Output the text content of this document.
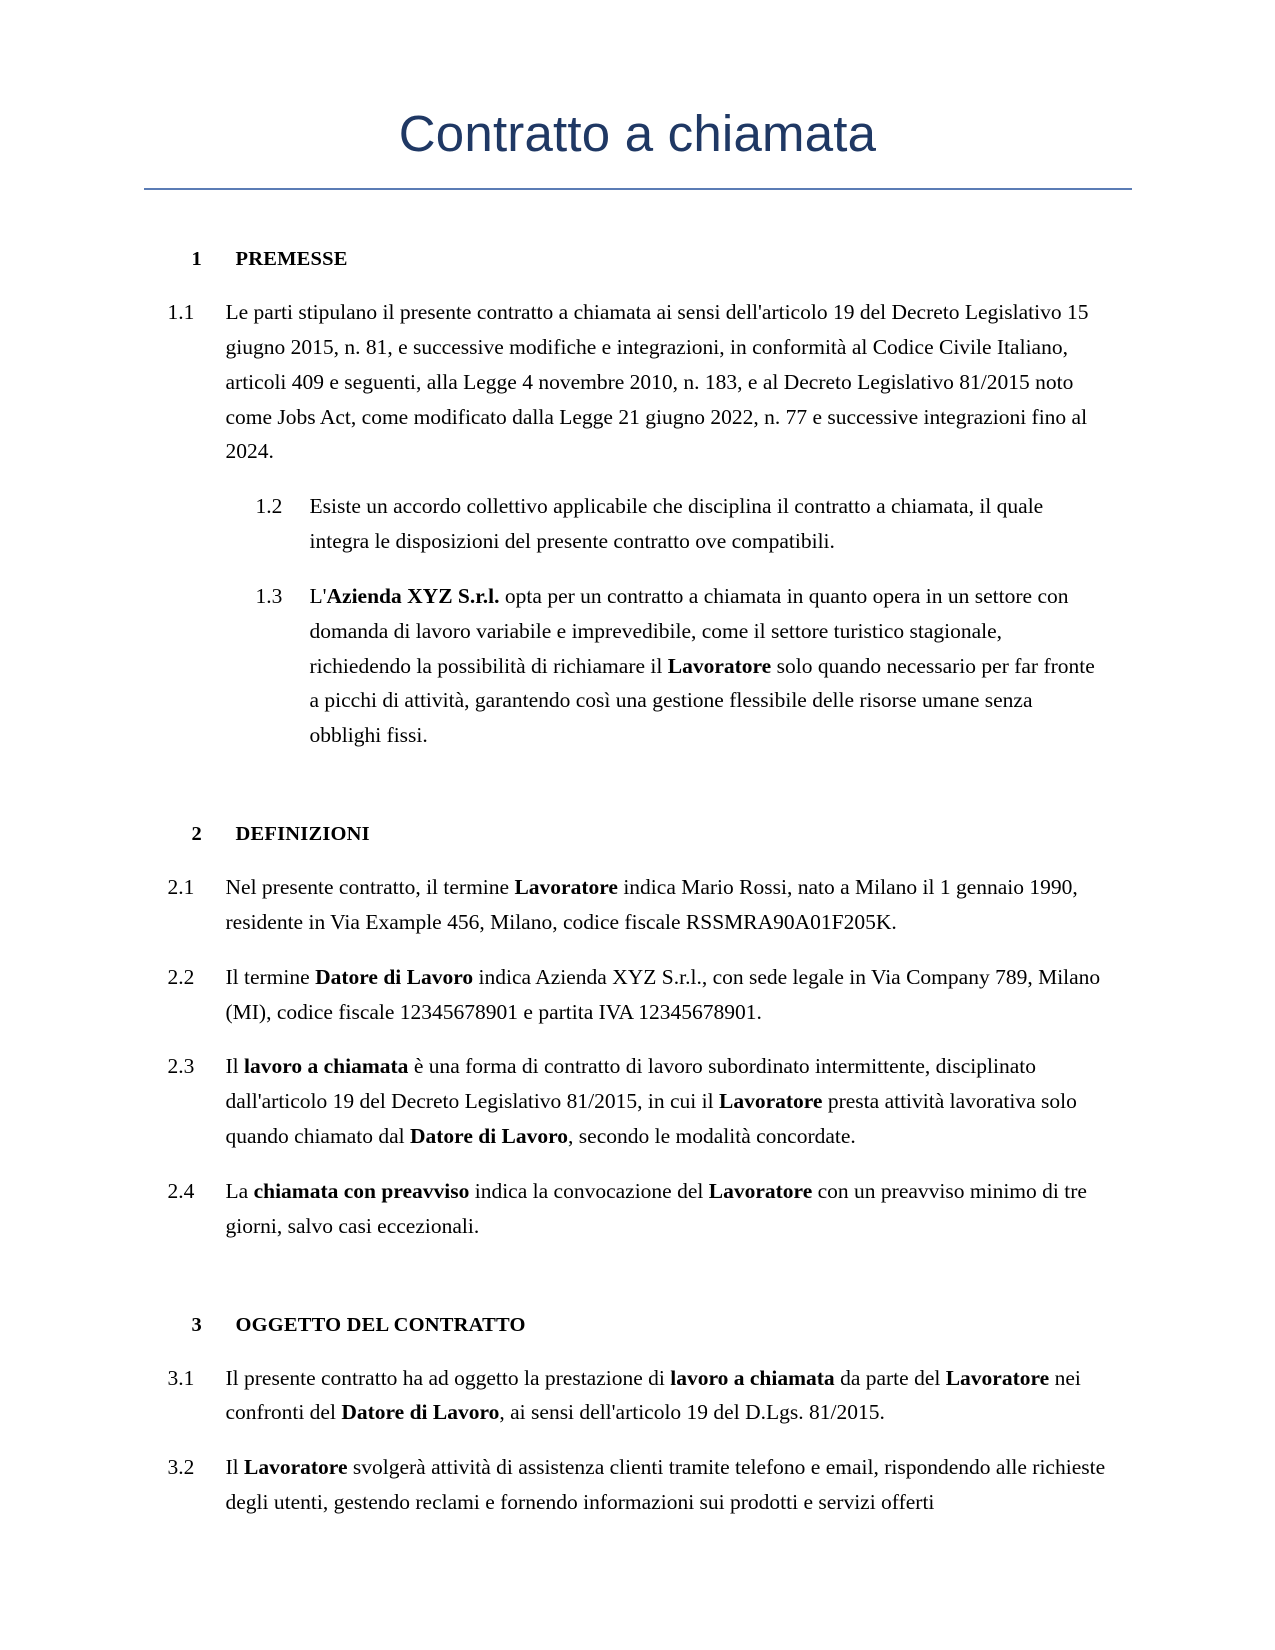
Contratto a chiamata
1	PREMESSE
1.1	Le parti stipulano il presente contratto a chiamata ai sensi dell'articolo 19 del Decreto Legislativo 15 giugno 2015, n. 81, e successive modifiche e integrazioni, in conformità al Codice Civile Italiano, articoli 409 e seguenti, alla Legge 4 novembre 2010, n. 183, e al Decreto Legislativo 81/2015 noto come Jobs Act, come modificato dalla Legge 21 giugno 2022, n. 77 e successive integrazioni fino al 2024.
1.2	Esiste un accordo collettivo applicabile che disciplina il contratto a chiamata, il quale integra le disposizioni del presente contratto ove compatibili.
1.3	L'Azienda XYZ S.r.l. opta per un contratto a chiamata in quanto opera in un settore con domanda di lavoro variabile e imprevedibile, come il settore turistico stagionale, richiedendo la possibilità di richiamare il Lavoratore solo quando necessario per far fronte a picchi di attività, garantendo così una gestione flessibile delle risorse umane senza obblighi fissi.
2	DEFINIZIONI
2.1	Nel presente contratto, il termine Lavoratore indica Mario Rossi, nato a Milano il 1 gennaio 1990, residente in Via Example 456, Milano, codice fiscale RSSMRA90A01F205K.
2.2	Il termine Datore di Lavoro indica Azienda XYZ S.r.l., con sede legale in Via Company 789, Milano (MI), codice fiscale 12345678901 e partita IVA 12345678901.
2.3	Il lavoro a chiamata è una forma di contratto di lavoro subordinato intermittente, disciplinato dall'articolo 19 del Decreto Legislativo 81/2015, in cui il Lavoratore presta attività lavorativa solo quando chiamato dal Datore di Lavoro, secondo le modalità concordate.
2.4	La chiamata con preavviso indica la convocazione del Lavoratore con un preavviso minimo di tre giorni, salvo casi eccezionali.
3	OGGETTO DEL CONTRATTO
3.1	Il presente contratto ha ad oggetto la prestazione di lavoro a chiamata da parte del Lavoratore nei confronti del Datore di Lavoro, ai sensi dell'articolo 19 del D.Lgs. 81/2015.
3.2	Il Lavoratore svolgerà attività di assistenza clienti tramite telefono e email, rispondendo alle richieste degli utenti, gestendo reclami e fornendo informazioni sui prodotti e servizi offerti
